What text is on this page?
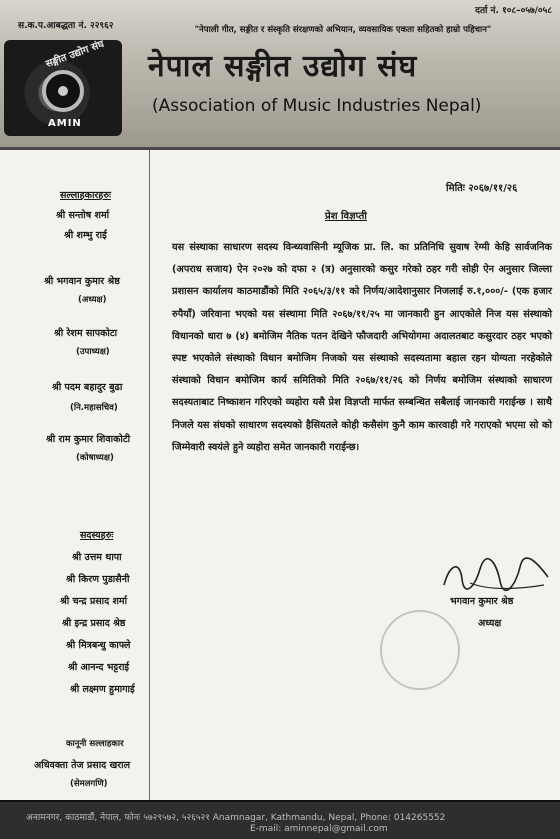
स.क.प.आबद्धता नं. २२९६२
दर्ता नं. १०८–०५७/०५८
"नेपाली गीत, सङ्गीत र संस्कृति संरक्षणको अभियान, व्यवसायिक एकता सहितको हाम्रो पहिचान"
सङ्गीत उद्योग संघ
AMIN
नेपाल सङ्गीत उद्योग संघ
(Association of Music Industries Nepal)
सल्लाहकारहरुः
श्री सन्तोष शर्मा
श्री शम्भु राई
श्री भगवान कुमार श्रेष्ठ
(अध्यक्ष)
श्री रेशम सापकोटा
(उपाध्यक्ष)
श्री पदम बहादुर बुढा
(नि.महासचिव)
श्री राम कुमार शिवाकोटी
(कोषाध्यक्ष)
सदस्यहरुः
श्री उत्तम थापा
श्री किरण पुडासैनी
श्री चन्द्र प्रसाद शर्मा
श्री इन्द्र प्रसाद श्रेष्ठ
श्री मित्रबन्धु काफ्ले
श्री आनन्द भट्टराई
श्री लक्ष्मण हुमागाई
कानूनी सल्लाहकार
अधिवक्ता तेज प्रसाद खराल
(सेमलगणि)
मितिः २०६७/११/२६
प्रेश विज्ञप्ती
यस संस्थाका साधारण सदस्य विन्ध्यवासिनी म्यूजिक प्रा. लि. का प्रतिनिधि सुवाष रेग्मी केहि सार्वजनिक (अपराध सजाय) ऐन २०२७ को दफा २ (त्र) अनुसारको कसुर गरेको ठहर गरी सोही ऐन अनुसार जिल्ला प्रशासन कार्यालय काठमाडौंको मिति २०६५/३/११ को निर्णय/आदेशानुसार निजलाई रु.१,०००/- (एक हजार रुपैयाँ) जरिवाना भएको यस संस्थामा मिति २०६७/११/२५ मा जानकारी हुन आएकोले निज यस संस्थाको विधानको धारा ७ (४) बमोजिम नैतिक पतन देखिने फौजदारी अभियोगमा अदालतबाट कसुरदार ठहर भएको स्पष्ट भएकोले संस्थाको विधान बमोजिम निजको यस संस्थाको सदस्यतामा बहाल रहन योग्यता नरहेकोले संस्थाको विधान बमोजिम कार्य समितिको मिति २०६७/११/२६ को निर्णय बमोजिम संस्थाको साधारण सदस्यताबाट निष्काशन गरिएको व्यहोरा यसै प्रेश विज्ञप्ती मार्फत सम्बन्धित सबैलाई जानकारी गराईन्छ । साथै निजले यस संघको साधारण सदस्यको हैसियतले कोही कसैसंग कुनै काम कारवाही गरे गराएको भएमा सो को जिम्मेवारी स्वयंले हुने व्यहोरा समेत जानकारी गराईन्छ।
भगवान कुमार श्रेष्ठ
अध्यक्ष
अनामनगर, काठमाडौं, नेपाल, फोनः ५७२९५७२, ५२६५२१ Anamnagar, Kathmandu, Nepal, Phone: 014265552
E-mail: aminnepal@gmail.com
